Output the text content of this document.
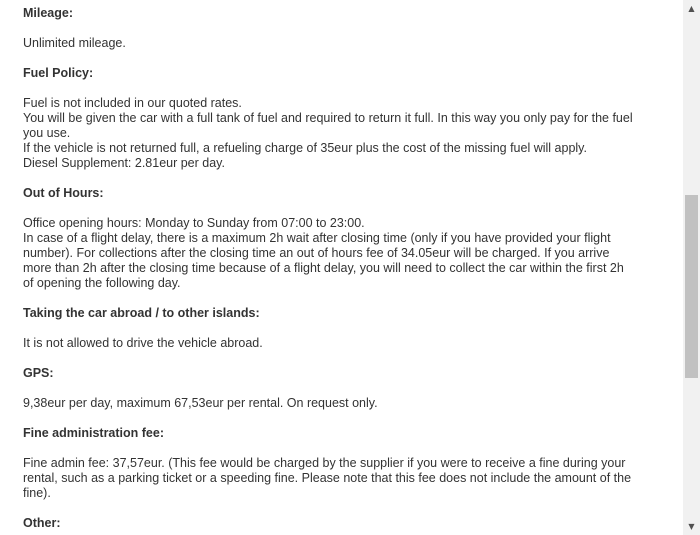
Mileage:

Unlimited mileage.

Fuel Policy:

Fuel is not included in our quoted rates.
You will be given the car with a full tank of fuel and required to return it full. In this way you only pay for the fuel
you use.
If the vehicle is not returned full, a refueling charge of 35eur plus the cost of the missing fuel will apply.
Diesel Supplement: 2.81eur per day.

Out of Hours:

Office opening hours: Monday to Sunday from 07:00 to 23:00.
In case of a flight delay, there is a maximum 2h wait after closing time (only if you have provided your flight
number). For collections after the closing time an out of hours fee of 34.05eur will be charged. If you arrive
more than 2h after the closing time because of a flight delay, you will need to collect the car within the first 2h
of opening the following day.

Taking the car abroad / to other islands:

It is not allowed to drive the vehicle abroad.

GPS:

9,38eur per day, maximum 67,53eur per rental. On request only.

Fine administration fee:

Fine admin fee: 37,57eur. (This fee would be charged by the supplier if you were to receive a fine during your
rental, such as a parking ticket or a speeding fine. Please note that this fee does not include the amount of the
fine).

Other:
▲
▼
